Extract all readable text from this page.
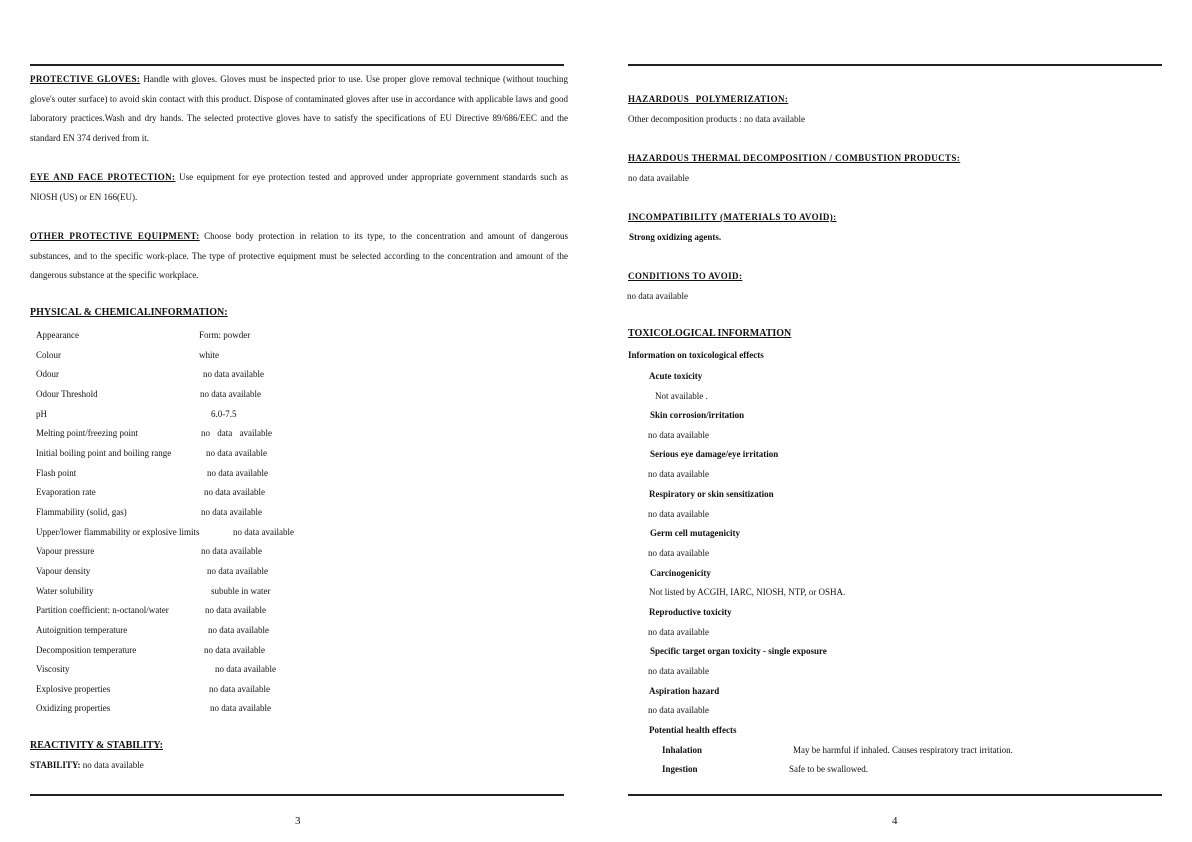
PROTECTIVE GLOVES: Handle with gloves. Gloves must be inspected prior to use. Use proper glove removal technique (without touching glove's outer surface) to avoid skin contact with this product. Dispose of contaminated gloves after use in accordance with applicable laws and good laboratory practices.Wash and dry hands. The selected protective gloves have to satisfy the specifications of EU Directive 89/686/EEC and the standard EN 374 derived from it.
EYE AND FACE PROTECTION: Use equipment for eye protection tested and approved under appropriate government standards such as NIOSH (US) or EN 166(EU).
OTHER PROTECTIVE EQUIPMENT: Choose body protection in relation to its type, to the concentration and amount of dangerous substances, and to the specific work-place. The type of protective equipment must be selected according to the concentration and amount of the dangerous substance at the specific workplace.
PHYSICAL & CHEMICALINFORMATION:
Appearance	Form: powder
Colour	white
Odour	no data available
Odour Threshold	no data available
pH	6.0-7.5
Melting point/freezing point	no data available
Initial boiling point and boiling range	no data available
Flash point	no data available
Evaporation rate	no data available
Flammability (solid, gas)	no data available
Upper/lower flammability or explosive limits	no data available
Vapour pressure	no data available
Vapour density	no data available
Water solubility	sububle in water
Partition coefficient: n-octanol/water	no data available
Autoignition temperature	no data available
Decomposition temperature	no data available
Viscosity	no data available
Explosive properties	no data available
Oxidizing properties	no data available
REACTIVITY & STABILITY:
STABILITY: no data available
3
HAZARDOUS POLYMERIZATION:
Other decomposition products : no data available
HAZARDOUS THERMAL DECOMPOSITION / COMBUSTION PRODUCTS:
no data available
INCOMPATIBILITY (MATERIALS TO AVOID):
Strong oxidizing agents.
CONDITIONS TO AVOID:
no data available
TOXICOLOGICAL INFORMATION
Information on toxicological effects
Acute toxicity
Not available .
Skin corrosion/irritation
no data available
Serious eye damage/eye irritation
no data available
Respiratory or skin sensitization
no data available
Germ cell mutagenicity
no data available
Carcinogenicity
Not listed by ACGIH, IARC, NIOSH, NTP, or OSHA.
Reproductive toxicity
no data available
Specific target organ toxicity - single exposure
no data available
Aspiration hazard
no data available
Potential health effects
Inhalation	May be harmful if inhaled. Causes respiratory tract irritation.
Ingestion	Safe to be swallowed.
4
